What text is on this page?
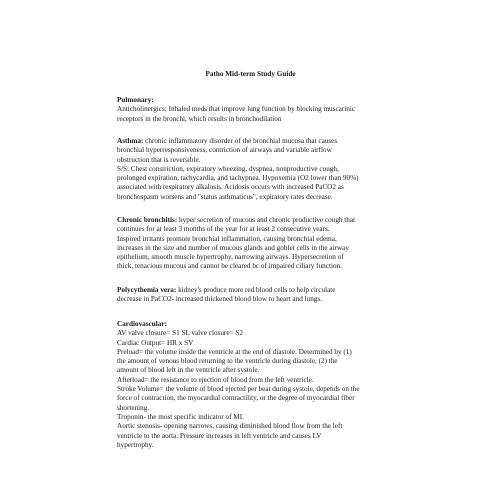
Patho Mid-term Study Guide
Pulmonary:
Anticholinergics: Inhaled meds that improve lung function by blocking muscarinic
receptors in the bronchi, which results in bronchodilation
Asthma: chronic inflammatory disorder of the bronchial mucosa that causes
bronchial hyperresponsiveness, contriction of airways and variable airflow
obstruction that is reversible.
S/S: Chest constriction, expiratory wheezing, dyspnea, nonproductive cough,
prolonged expiration, tachycardia, and tachypnea. Hypoxemia (O2 lower than 90%)
associated with respiratory alkalosis. Acidosis occurs with increased PaCO2 as
bronchospasm worsens and "status asthmaticus", expiratory rates decrease.
Chronic bronchitis: hyper secretion of mucous and chronic productive cough that
continues for at least 3 months of the year for at least 2 consecutive years.
Inspired irritants promote bronchial inflammation, causing bronchial edema,
increases in the size and number of mucous glands and goblet cells in the airway
epithelium, smooth muscle hypertrophy, narrowing airways. Hypersecretion of
thick, tenacious mucous and cannot be cleared bc of impaired ciliary function.
Polycythemia vera: kidney's produce more red blood cells to help circulate
decrease in PaCO2- increased thickened blood blow to heart and lungs.
Cardiovascular:
AV valve closure= S1 SL valve closure= S2
Cardiac Output= HR x SV
Preload= the volume inside the ventricle at the end of diastole. Determined by (1)
the amount of venous blood returning to the ventricle during diastole, (2) the
amount of blood left in the ventricle after systole.
Afterload= the resistance to ejection of blood from the left ventricle.
Stroke Volume= the volume of blood ejected per beat during systole, depends on the
force of contraction, the myocardial contractility, or the degree of myocardial fiber
shortening.
Troponin- the most specific indicator of MI.
Aortic stenosis- opening narrows, causing diminished blood flow from the left
ventricle to the aorta. Pressure increases in left ventricle and causes LV
hypertrophy.
